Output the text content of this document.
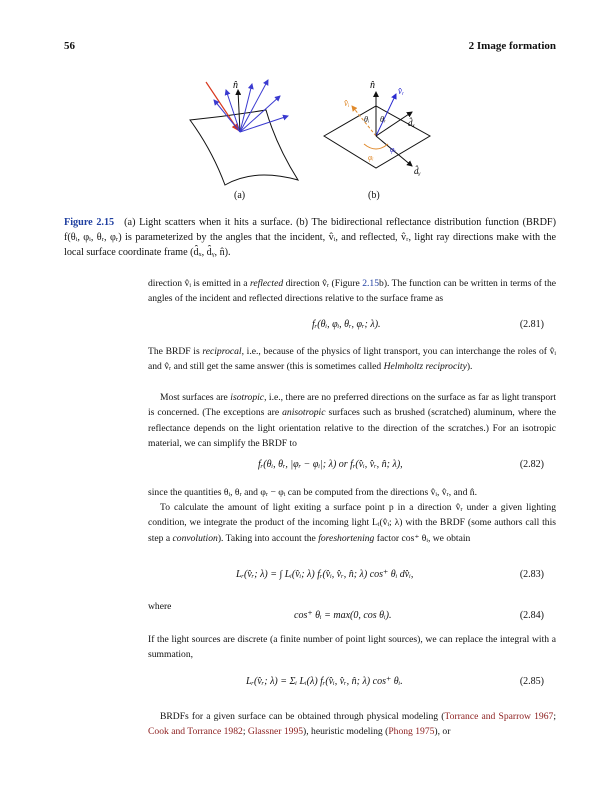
56	2 Image formation
n̂
(a)
n̂
v̂ᵢ
v̂ᵣ
d̂ₓ
d̂ᵧ
θᵢ θᵣ
φᵢ
φᵣ
(b)
Figure 2.15 (a) Light scatters when it hits a surface. (b) The bidirectional reflectance distribution function (BRDF) f(θᵢ, φᵢ, θᵣ, φᵣ) is parameterized by the angles that the incident, v̂ᵢ, and reflected, v̂ᵣ, light ray directions make with the local surface coordinate frame (d̂ₓ, d̂ᵧ, n̂).
direction v̂ᵢ is emitted in a reflected direction v̂ᵣ (Figure 2.15b). The function can be written in terms of the angles of the incident and reflected directions relative to the surface frame as
fᵣ(θᵢ, φᵢ, θᵣ, φᵣ; λ).	(2.81)
The BRDF is reciprocal, i.e., because of the physics of light transport, you can interchange the roles of v̂ᵢ and v̂ᵣ and still get the same answer (this is sometimes called Helmholtz reciprocity).
Most surfaces are isotropic, i.e., there are no preferred directions on the surface as far as light transport is concerned. (The exceptions are anisotropic surfaces such as brushed (scratched) aluminum, where the reflectance depends on the light orientation relative to the direction of the scratches.) For an isotropic material, we can simplify the BRDF to
fᵣ(θᵢ, θᵣ, |φᵣ − φᵢ|; λ) or fᵣ(v̂ᵢ, v̂ᵣ, n̂; λ),	(2.82)
since the quantities θᵢ, θᵣ and φᵣ − φᵢ can be computed from the directions v̂ᵢ, v̂ᵣ, and n̂.
To calculate the amount of light exiting a surface point p in a direction v̂ᵣ under a given lighting condition, we integrate the product of the incoming light Lᵢ(v̂ᵢ; λ) with the BRDF (some authors call this step a convolution). Taking into account the foreshortening factor cos⁺ θᵢ, we obtain
Lᵣ(v̂ᵣ; λ) = ∫ Lᵢ(v̂ᵢ; λ) fᵣ(v̂ᵢ, v̂ᵣ, n̂; λ) cos⁺ θᵢ dv̂ᵢ,	(2.83)
where
cos⁺ θᵢ = max(0, cos θᵢ).	(2.84)
If the light sources are discrete (a finite number of point light sources), we can replace the integral with a summation,
Lᵣ(v̂ᵣ; λ) = Σᵢ Lᵢ(λ) fᵣ(v̂ᵢ, v̂ᵣ, n̂; λ) cos⁺ θᵢ.	(2.85)
BRDFs for a given surface can be obtained through physical modeling (Torrance and Sparrow 1967; Cook and Torrance 1982; Glassner 1995), heuristic modeling (Phong 1975), or
